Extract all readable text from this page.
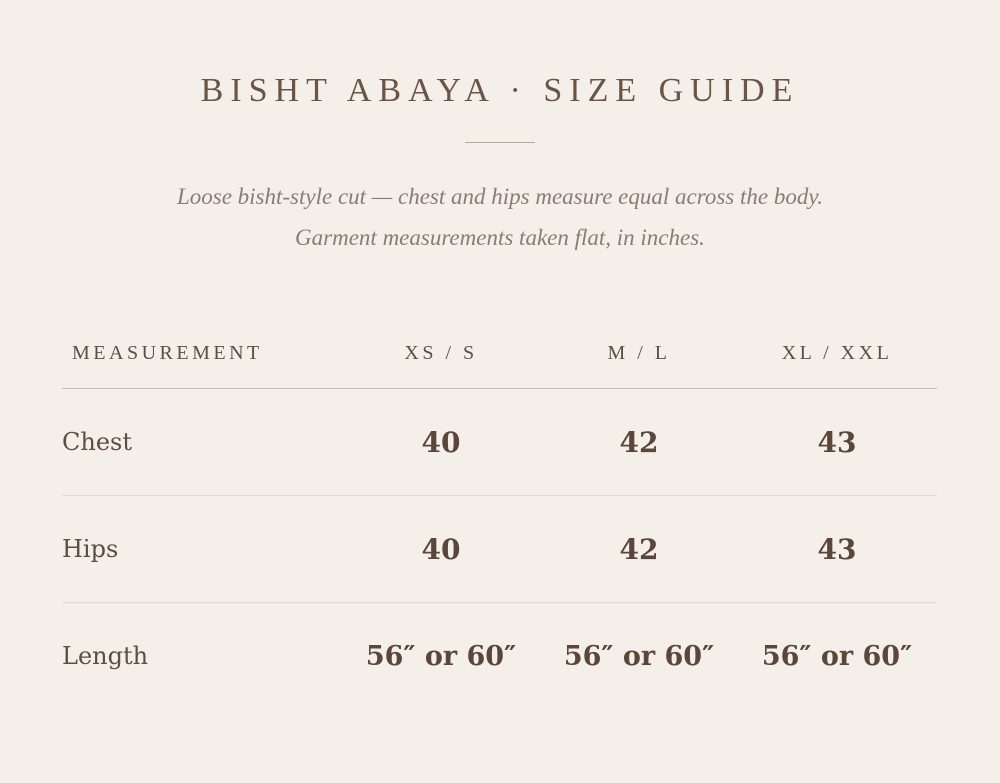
BISHT ABAYA · SIZE GUIDE
Loose bisht-style cut — chest and hips measure equal across the body.
Garment measurements taken flat, in inches.
MEASUREMENT	XS / S	M / L	XL / XXL
Chest	40	42	43
Hips	40	42	43
Length	56″ or 60″	56″ or 60″	56″ or 60″
